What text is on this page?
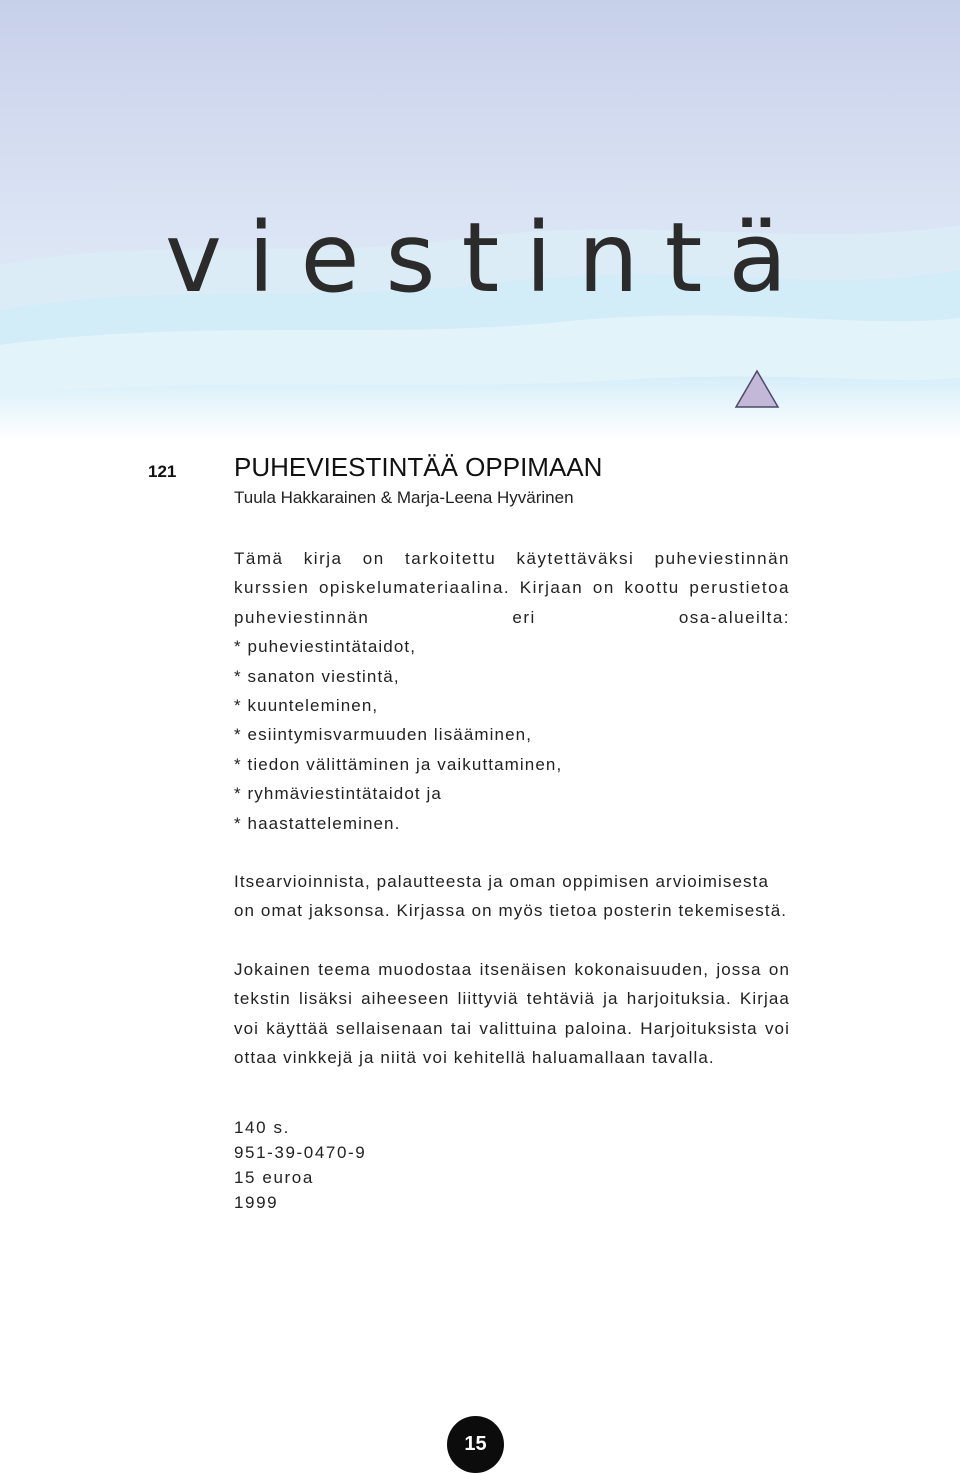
viestintä
121 PUHEVIESTINTÄÄ OPPIMAAN

Tuula Hakkarainen & Marja-Leena Hyvärinen

Tämä kirja on tarkoitettu käytettäväksi puheviestinnän kurssien opiskelumateriaalina. Kirjaan on koottu perustietoa puheviestinnän eri osa-alueilta:

* puheviestintätaidot,
* sanaton viestintä,
* kuunteleminen,
* esiintymisvarmuuden lisääminen,
* tiedon välittäminen ja vaikuttaminen,
* ryhmäviestintätaidot ja
* haastatteleminen.

Itsearvioinnista, palautteesta ja oman oppimisen arvioimisesta on omat jaksonsa. Kirjassa on myös tietoa posterin tekemisestä.

Jokainen teema muodostaa itsenäisen kokonaisuuden, jossa on tekstin lisäksi aiheeseen liittyviä tehtäviä ja harjoituksia. Kirjaa voi käyttää sellaisenaan tai valittuina paloina. Harjoituksista voi ottaa vinkkejä ja niitä voi kehitellä haluamallaan tavalla.

140 s.
951-39-0470-9
15 euroa
1999
15
